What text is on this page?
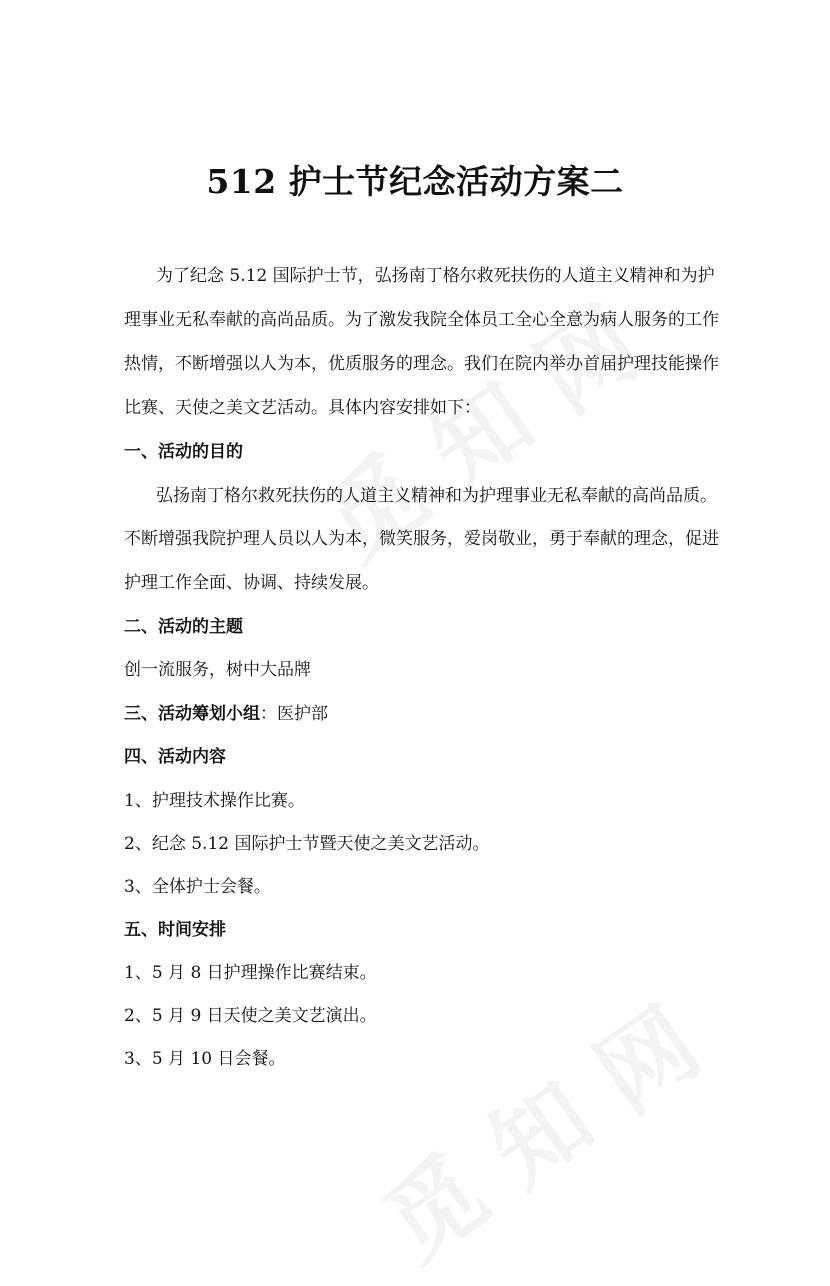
512 护士节纪念活动方案二
为了纪念 5.12 国际护士节，弘扬南丁格尔救死扶伤的人道主义精神和为护
理事业无私奉献的高尚品质。为了激发我院全体员工全心全意为病人服务的工作
热情，不断增强以人为本，优质服务的理念。我们在院内举办首届护理技能操作
比赛、天使之美文艺活动。具体内容安排如下：
一、活动的目的
弘扬南丁格尔救死扶伤的人道主义精神和为护理事业无私奉献的高尚品质。
不断增强我院护理人员以人为本，微笑服务，爱岗敬业，勇于奉献的理念，促进
护理工作全面、协调、持续发展。
二、活动的主题
创一流服务，树中大品牌
三、活动筹划小组：医护部
四、活动内容
1、护理技术操作比赛。
2、纪念 5.12 国际护士节暨天使之美文艺活动。
3、全体护士会餐。
五、时间安排
1、5 月 8 日护理操作比赛结束。
2、5 月 9 日天使之美文艺演出。
3、5 月 10 日会餐。
